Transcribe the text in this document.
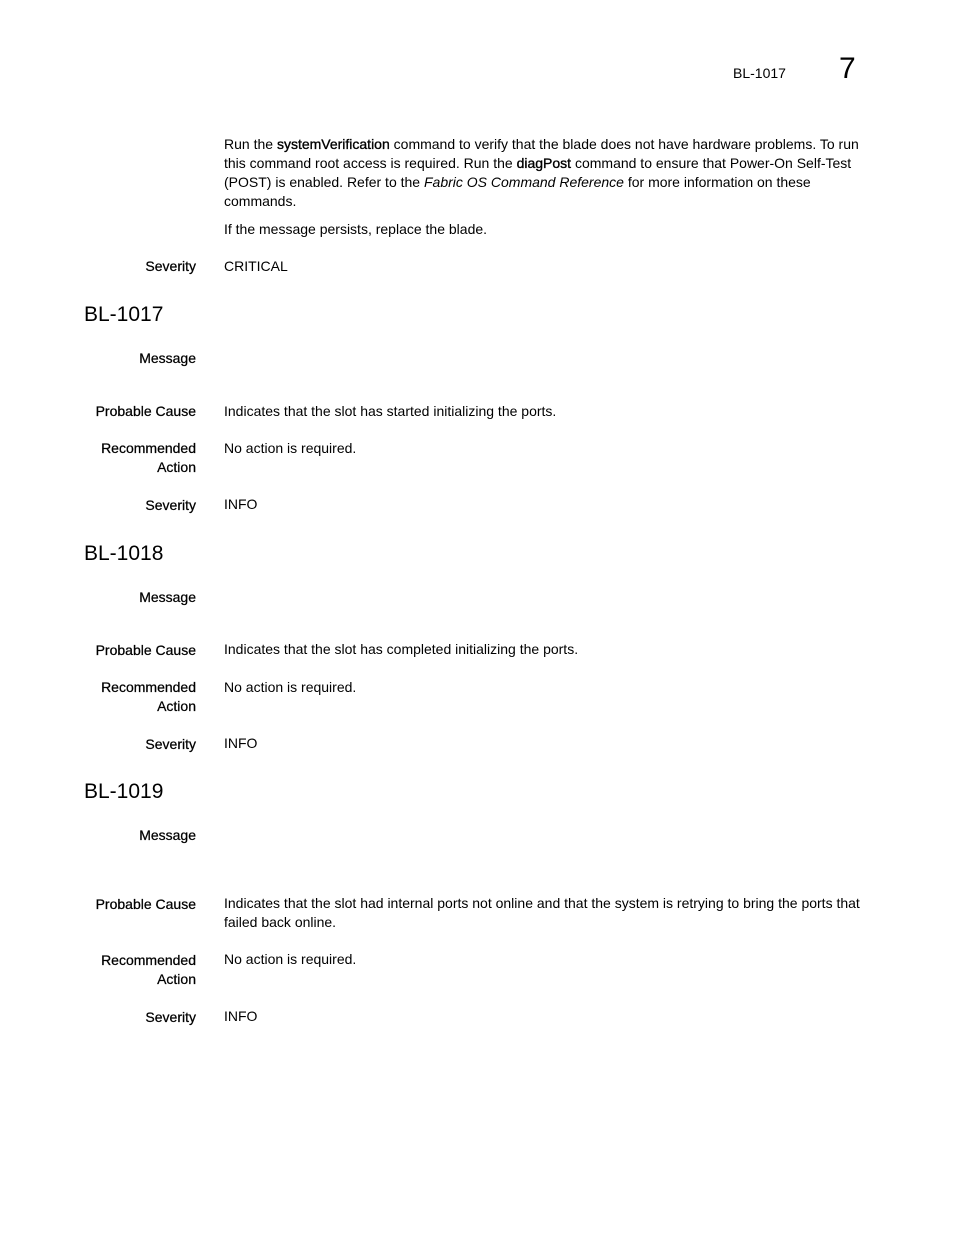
BL-1017 7

Run the systemVerification command to verify that the blade does not have hardware problems. To run this command root access is required. Run the diagPost command to ensure that Power-On Self-Test (POST) is enabled. Refer to the Fabric OS Command Reference for more information on these commands.

If the message persists, replace the blade.

Severity CRITICAL
BL-1017
Message
Probable Cause Indicates that the slot has started initializing the ports.
Recommended
Action
No action is required.
Severity INFO
BL-1018
Message
Probable Cause Indicates that the slot has completed initializing the ports.
Recommended
Action
No action is required.
Severity INFO
BL-1019
Message
Probable Cause Indicates that the slot had internal ports not online and that the system is retrying to bring the ports that failed back online.
Recommended
Action
No action is required.
Severity INFO
